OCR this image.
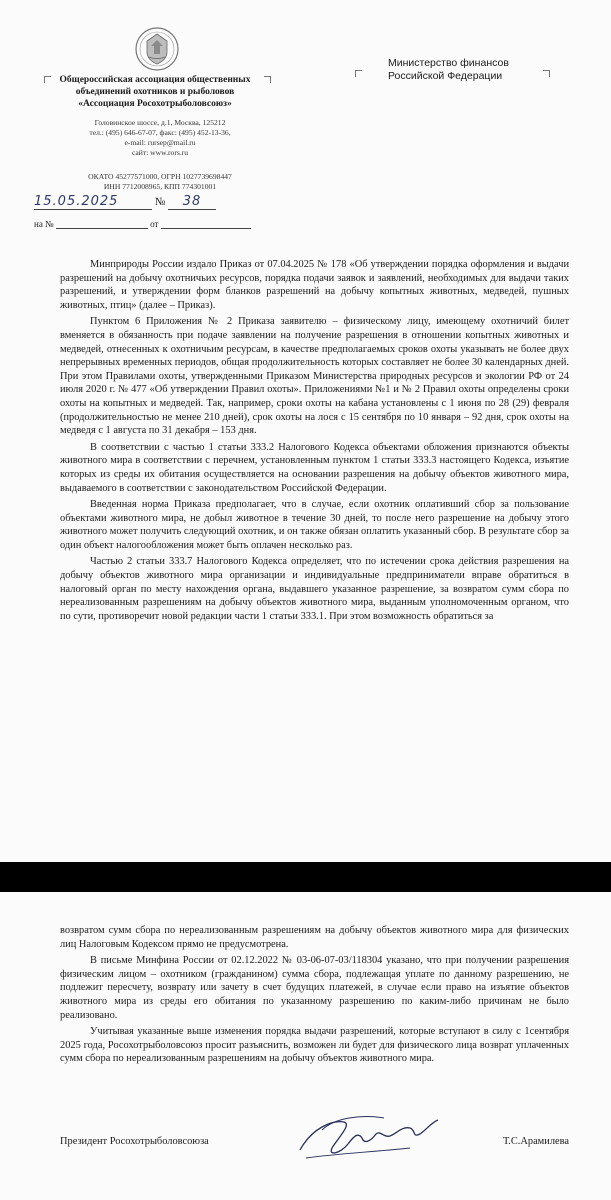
Общероссийская ассоциация общественных
объединений охотников и рыболовов
«Ассоциация Росохотрыболовсоюз»
Головинское шоссе, д.1, Москва, 125212
тел.: (495) 646-67-07, факс: (495) 452-13-36,
e-mail: rursep@mail.ru
сайт: www.rors.ru
ОКАТО 45277571000, ОГРН 1027739698447
ИНН 7712008965, КПП 774301001
15.05.2025	№ 38
на №	от
Министерство финансов
Российской Федерации

Минприроды России издало Приказ от 07.04.2025 № 178 «Об утверждении порядка оформления и выдачи разрешений на добычу охотничьих ресурсов, порядка подачи заявок и заявлений, необходимых для выдачи таких разрешений, и утверждении форм бланков разрешений на добычу копытных животных, медведей, пушных животных, птиц» (далее – Приказ).

Пунктом 6 Приложения № 2 Приказа заявителю – физическому лицу, имеющему охотничий билет вменяется в обязанность при подаче заявлении на получение разрешения в отношении копытных животных и медведей, отнесенных к охотничьим ресурсам, в качестве предполагаемых сроков охоты указывать не более двух непрерывных временных периодов, общая продолжительность которых составляет не более 30 календарных дней. При этом Правилами охоты, утвержденными Приказом Министерства природных ресурсов и экологии РФ от 24 июля 2020 г. № 477 «Об утверждении Правил охоты». Приложениями №1 и № 2 Правил охоты определены сроки охоты на копытных и медведей. Так, например, сроки охоты на кабана установлены с 1 июня по 28 (29) февраля (продолжительностью не менее 210 дней), срок охоты на лося с 15 сентября по 10 января – 92 дня, срок охоты на медведя с 1 августа по 31 декабря – 153 дня.

В соответствии с частью 1 статьи 333.2 Налогового Кодекса объектами обложения признаются объекты животного мира в соответствии с перечнем, установленным пунктом 1 статьи 333.3 настоящего Кодекса, изъятие которых из среды их обитания осуществляется на основании разрешения на добычу объектов животного мира, выдаваемого в соответствии с законодательством Российской Федерации.

Введенная норма Приказа предполагает, что в случае, если охотник оплативший сбор за пользование объектами животного мира, не добыл животное в течение 30 дней, то после него разрешение на добычу этого животного может получить следующий охотник, и он также обязан оплатить указанный сбор. В результате сбор за один объект налогообложения может быть оплачен несколько раз.

Частью 2 статьи 333.7 Налогового Кодекса определяет, что по истечении срока действия разрешения на добычу объектов животного мира организации и индивидуальные предприниматели вправе обратиться в налоговый орган по месту нахождения органа, выдавшего указанное разрешение, за возвратом сумм сбора по нереализованным разрешениям на добычу объектов животного мира, выданным уполномоченным органом, что по сути, противоречит новой редакции части 1 статьи 333.1. При этом возможность обратиться за

возвратом сумм сбора по нереализованным разрешениям на добычу объектов животного мира для физических лиц Налоговым Кодексом прямо не предусмотрена.

В письме Минфина России от 02.12.2022 № 03-06-07-03/118304 указано, что при получении разрешения физическим лицом – охотником (гражданином) сумма сбора, подлежащая уплате по данному разрешению, не подлежит пересчету, возврату или зачету в счет будущих платежей, в случае если право на изъятие объектов животного мира из среды его обитания по указанному разрешению по каким-либо причинам не было реализовано.

Учитывая указанные выше изменения порядка выдачи разрешений, которые вступают в силу с 1сентября 2025 года, Росохотрыболовсоюз просит разъяснить, возможен ли будет для физического лица возврат уплаченных сумм сбора по нереализованным разрешениям на добычу объектов животного мира.

Президент Росохотрыболовсоюза	Т.С.Арамилева
